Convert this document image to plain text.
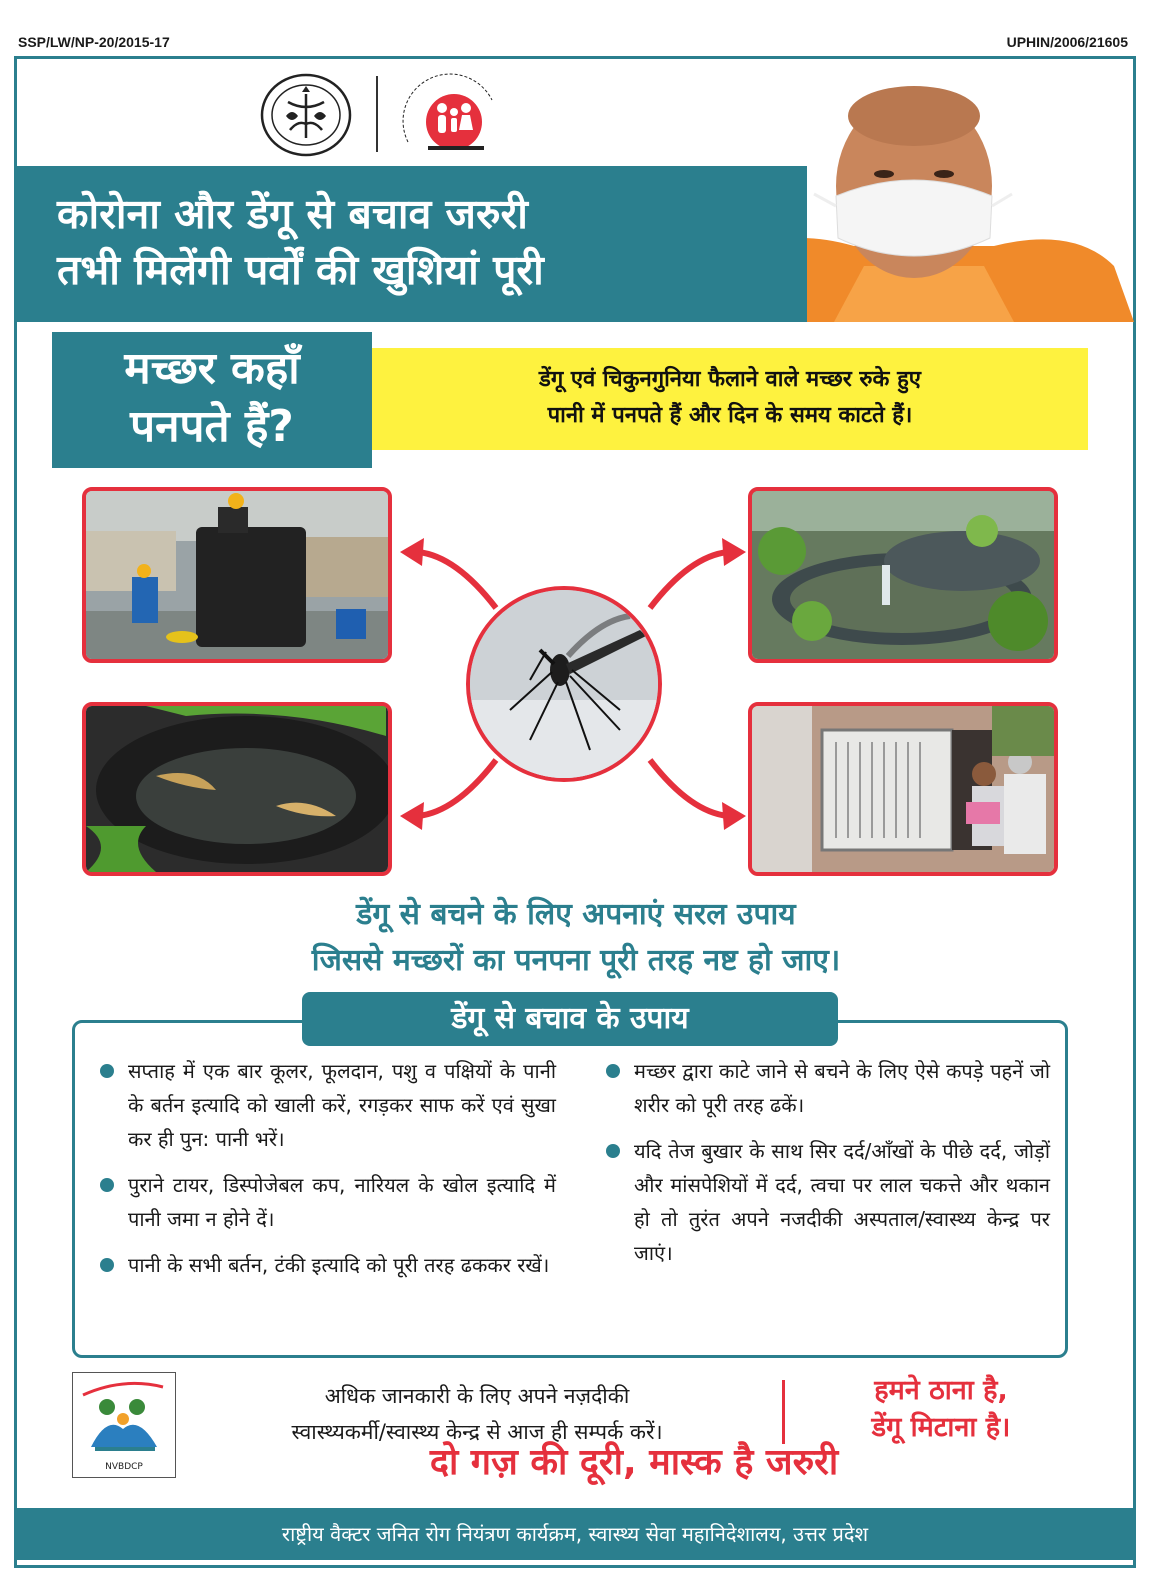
SSP/LW/NP-20/2015-17	UPHIN/2006/21605
कोरोना और डेंगू से बचाव जरुरी
तभी मिलेंगी पर्वों की खुशियां पूरी
मच्छर कहाँ
पनपते हैं?
डेंगू एवं चिकुनगुनिया फैलाने वाले मच्छर रुके हुए
पानी में पनपते हैं और दिन के समय काटते हैं।
डेंगू से बचने के लिए अपनाएं सरल उपाय
जिससे मच्छरों का पनपना पूरी तरह नष्ट हो जाए।
डेंगू से बचाव के उपाय
सप्ताह में एक बार कूलर, फूलदान, पशु व पक्षियों के पानी के बर्तन इत्यादि को खाली करें, रगड़कर साफ करें एवं सुखा कर ही पुन: पानी भरें।
पुराने टायर, डिस्पोजेबल कप, नारियल के खोल इत्यादि में पानी जमा न होने दें।
पानी के सभी बर्तन, टंकी इत्यादि को पूरी तरह ढककर रखें।
मच्छर द्वारा काटे जाने से बचने के लिए ऐसे कपड़े पहनें जो शरीर को पूरी तरह ढकें।
यदि तेज बुखार के साथ सिर दर्द/आँखों के पीछे दर्द, जोड़ों और मांसपेशियों में दर्द, त्वचा पर लाल चकत्ते और थकान हो तो तुरंत अपने नजदीकी अस्पताल/स्वास्थ्य केन्द्र पर जाएं।
NVBDCP
अधिक जानकारी के लिए अपने नज़दीकी
स्वास्थ्यकर्मी/स्वास्थ्य केन्द्र से आज ही सम्पर्क करें।
हमने ठाना है,
डेंगू मिटाना है।
दो गज़ की दूरी, मास्क है जरुरी
राष्ट्रीय वैक्टर जनित रोग नियंत्रण कार्यक्रम, स्वास्थ्य सेवा महानिदेशालय, उत्तर प्रदेश
